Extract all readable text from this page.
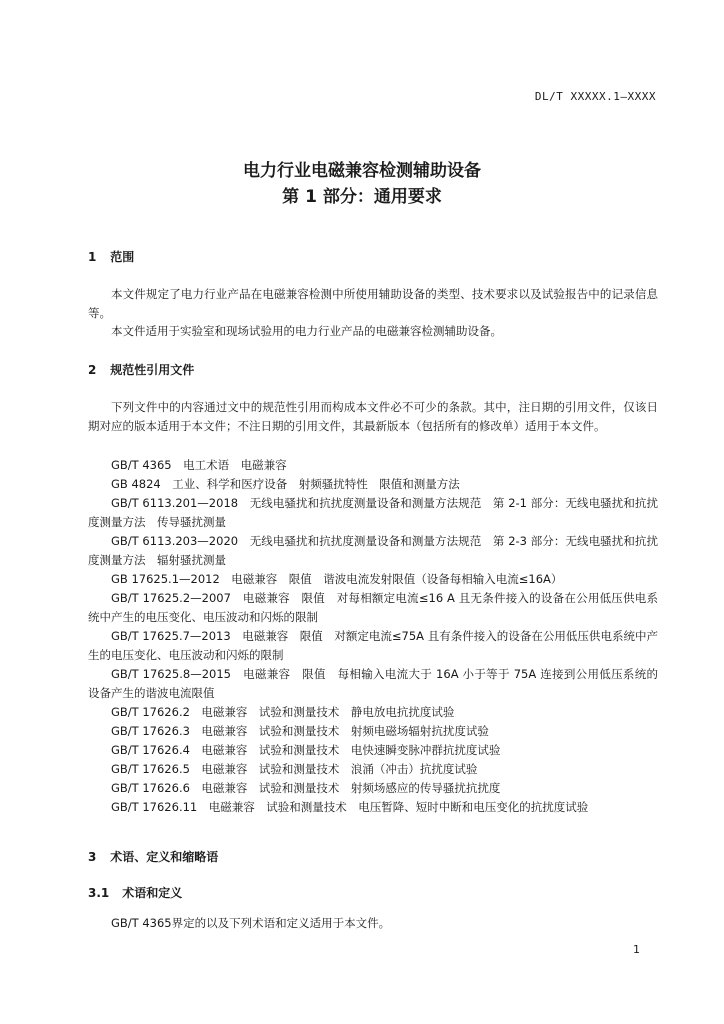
DL/T XXXXX.1—XXXX
电力行业电磁兼容检测辅助设备
第 1 部分：通用要求
1 范围
本文件规定了电力行业产品在电磁兼容检测中所使用辅助设备的类型、技术要求以及试验报告中的记录信息等。
本文件适用于实验室和现场试验用的电力行业产品的电磁兼容检测辅助设备。
2 规范性引用文件
下列文件中的内容通过文中的规范性引用而构成本文件必不可少的条款。其中，注日期的引用文件，仅该日期对应的版本适用于本文件；不注日期的引用文件，其最新版本（包括所有的修改单）适用于本文件。
GB/T 4365　电工术语　电磁兼容
GB 4824　工业、科学和医疗设备　射频骚扰特性　限值和测量方法
GB/T 6113.201—2018　无线电骚扰和抗扰度测量设备和测量方法规范　第 2-1 部分：无线电骚扰和抗扰度测量方法　传导骚扰测量
GB/T 6113.203—2020　无线电骚扰和抗扰度测量设备和测量方法规范　第 2-3 部分：无线电骚扰和抗扰度测量方法　辐射骚扰测量
GB 17625.1—2012　电磁兼容　限值　谐波电流发射限值（设备每相输入电流≤16A）
GB/T 17625.2—2007　电磁兼容　限值　对每相额定电流≤16 A 且无条件接入的设备在公用低压供电系统中产生的电压变化、电压波动和闪烁的限制
GB/T 17625.7—2013　电磁兼容　限值　对额定电流≤75A 且有条件接入的设备在公用低压供电系统中产生的电压变化、电压波动和闪烁的限制
GB/T 17625.8—2015　电磁兼容　限值　每相输入电流大于 16A 小于等于 75A 连接到公用低压系统的设备产生的谐波电流限值
GB/T 17626.2　电磁兼容　试验和测量技术　静电放电抗扰度试验
GB/T 17626.3　电磁兼容　试验和测量技术　射频电磁场辐射抗扰度试验
GB/T 17626.4　电磁兼容　试验和测量技术　电快速瞬变脉冲群抗扰度试验
GB/T 17626.5　电磁兼容　试验和测量技术　浪涌（冲击）抗扰度试验
GB/T 17626.6　电磁兼容　试验和测量技术　射频场感应的传导骚扰抗扰度
GB/T 17626.11　电磁兼容　试验和测量技术　电压暂降、短时中断和电压变化的抗扰度试验
3 术语、定义和缩略语
3.1 术语和定义
GB/T 4365界定的以及下列术语和定义适用于本文件。
1
